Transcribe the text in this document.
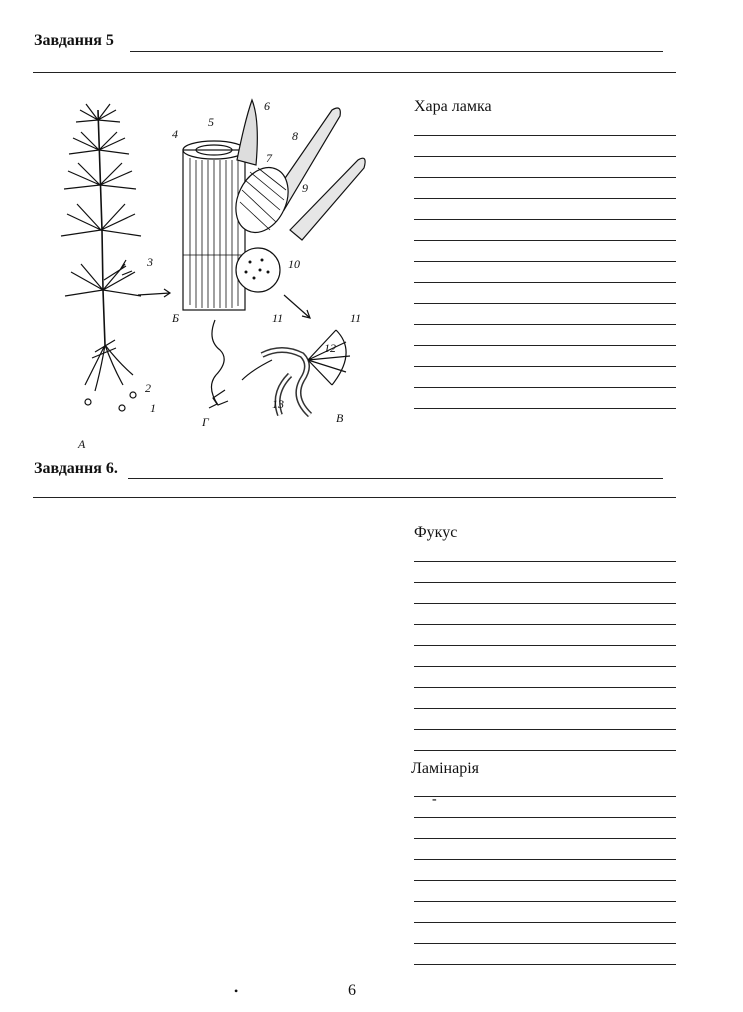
Завдання 5
1
2
3
4
5
6
7
8
9
10
11	11
12
13
А
Б
В
Г
Хара ламка
Завдання 6.
Фукус
Ламінарія
-
•	6
